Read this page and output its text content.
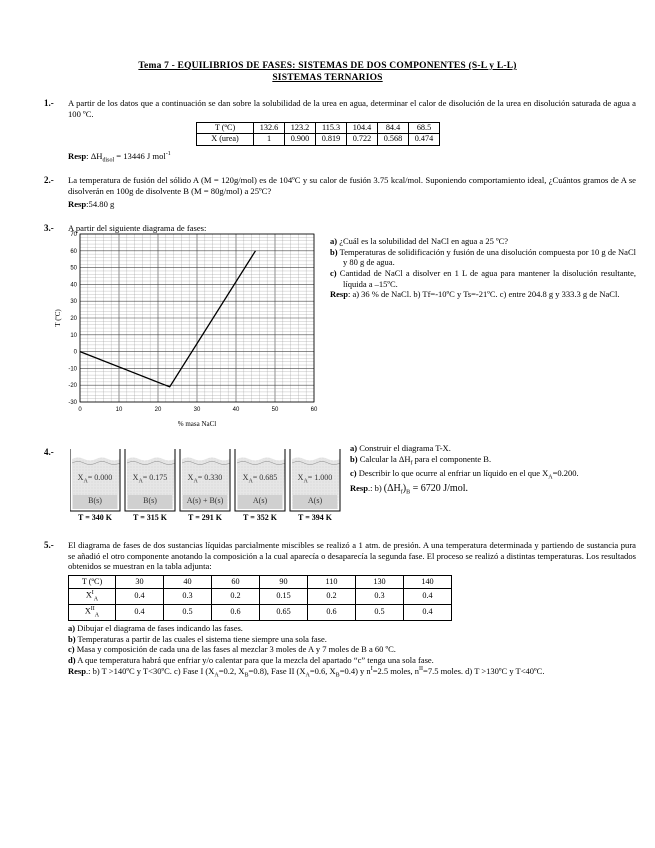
Tema 7 - EQUILIBRIOS DE FASES: SISTEMAS DE DOS COMPONENTES (S-L y L-L)
SISTEMAS TERNARIOS
1.- A partir de los datos que a continuación se dan sobre la solubilidad de la urea en agua, determinar el calor de disolución de la urea en disolución saturada de agua a 100 ºC.
T (ºC)	132.6	123.2	115.3	104.4	84.4	68.5
X (urea)	1	0.900	0.819	0.722	0.568	0.474
Resp: $\Delta H_{disol} = 13446$ J mol$^{-1}$
2.- La temperatura de fusión del sólido A (M = 120g/mol) es de 104ºC y su calor de fusión 3.75 kcal/mol. Suponiendo comportamiento ideal, ¿Cuántos gramos de A se disolverán en 100g de disolvente B (M = 80g/mol) a 25ºC?
Resp:54.80 g
3.- A partir del siguiente diagrama de fases:
70
60
50
40
30
20
10
0
-10
-20
-30
0	10	20	30	40	50	60
T (ºC)
% masa NaCl

a) ¿Cuál es la solubilidad del NaCl en agua a 25 ºC?

b) Temperaturas de solidificación y fusión de una disolución compuesta por 10 g de NaCl y 80 g de agua.

c) Cantidad de NaCl a disolver en 1 L de agua para mantener la disolución resultante, líquida a –15ºC.

Resp: a) 36 % de NaCl. b) Tf=-10ºC y Ts=-21ºC. c) entre 204.8 g y 333.3 g de NaCl.

4.-
$X_A= 0.000$
B(s)
T = 340 K
$X_A= 0.175$
B(s)
T = 315 K
$X_A= 0.330$
A(s) + B(s)
T = 291 K
$X_A= 0.685$
A(s)
T = 352 K
$X_A= 1.000$
A(s)
T = 394 K

a) Construir el diagrama T-X.

b) Calcular la $\Delta H_f$ para el componente B.

c) Describir lo que ocurre al enfriar un líquido en el que $X_A=0.200$.

Resp.: b) $(\Delta H_f)_B = 6720$ J/mol.

5.- El diagrama de fases de dos sustancias líquidas parcialmente miscibles se realizó a 1 atm. de presión. A una temperatura determinada y partiendo de sustancia pura se añadió el otro componente anotando la composición a la cual aparecía o desaparecía la segunda fase. El proceso se realizó a distintas temperaturas. Los resultados obtenidos se muestran en la tabla adjunta:
T (ºC)	30	40	60	90	110	130	140
$X^I_A$	0.4	0.3	0.2	0.15	0.2	0.3	0.4
$X^{II}_A$	0.4	0.5	0.6	0.65	0.6	0.5	0.4

a) Dibujar el diagrama de fases indicando las fases.

b) Temperaturas a partir de las cuales el sistema tiene siempre una sola fase.

c) Masa y composición de cada una de las fases al mezclar 3 moles de A y 7 moles de B a 60 ºC.

d) A que temperatura habrá que enfriar y/o calentar para que la mezcla del apartado “c” tenga una sola fase.

Resp.: b) T >140ºC y T<30ºC. c) Fase I ($X_A=0.2$, $X_B=0.8$), Fase II ($X_A=0.6$, $X_B=0.4$) y $n^I=2.5$ moles, $n^{II}=7.5$ moles. d) T >130ºC y T<40ºC.
